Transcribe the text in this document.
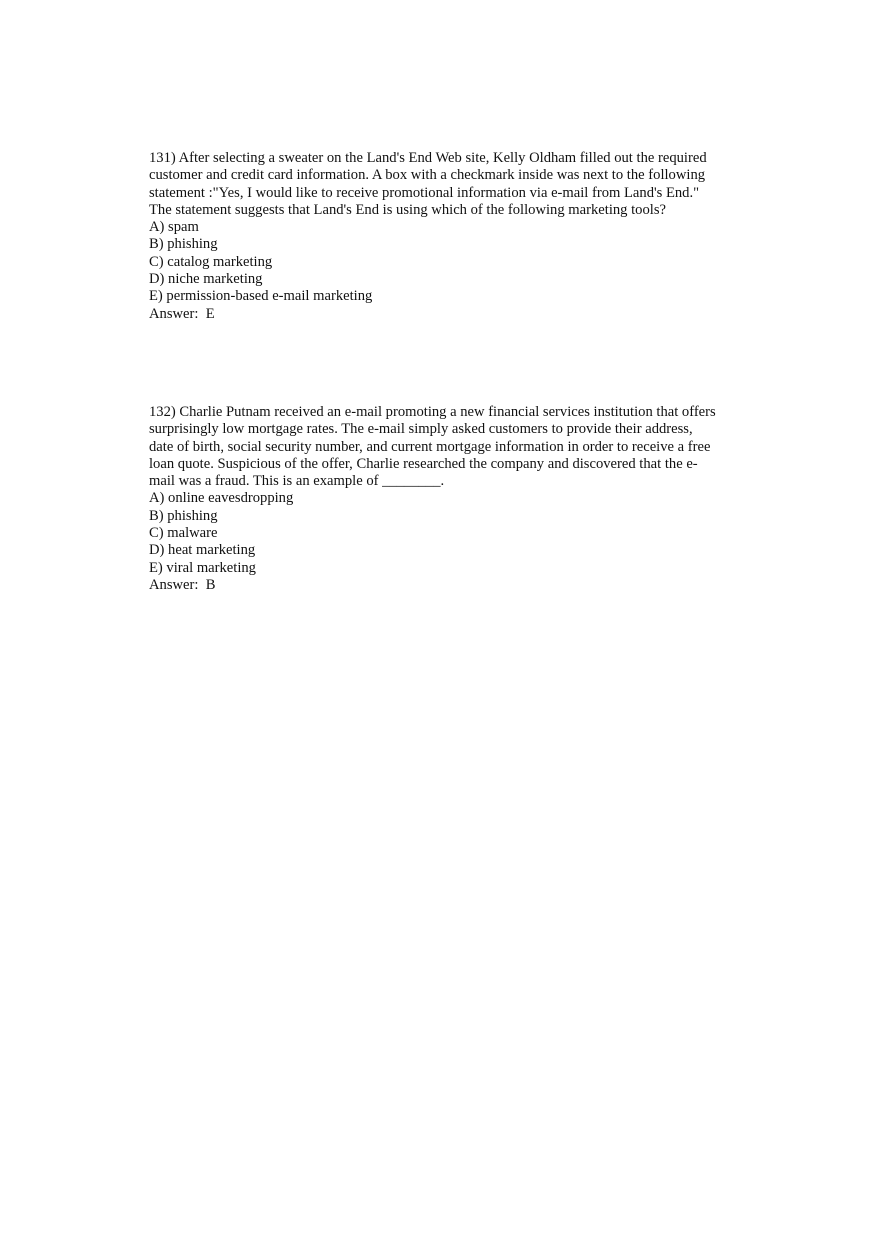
131) After selecting a sweater on the Land's End Web site, Kelly Oldham filled out the required
customer and credit card information. A box with a checkmark inside was next to the following
statement :"Yes, I would like to receive promotional information via e-mail from Land's End."
The statement suggests that Land's End is using which of the following marketing tools?
A) spam
B) phishing
C) catalog marketing
D) niche marketing
E) permission-based e-mail marketing
Answer:  E
132) Charlie Putnam received an e-mail promoting a new financial services institution that offers
surprisingly low mortgage rates. The e-mail simply asked customers to provide their address,
date of birth, social security number, and current mortgage information in order to receive a free
loan quote. Suspicious of the offer, Charlie researched the company and discovered that the e-
mail was a fraud. This is an example of ________.
A) online eavesdropping
B) phishing
C) malware
D) heat marketing
E) viral marketing
Answer:  B
